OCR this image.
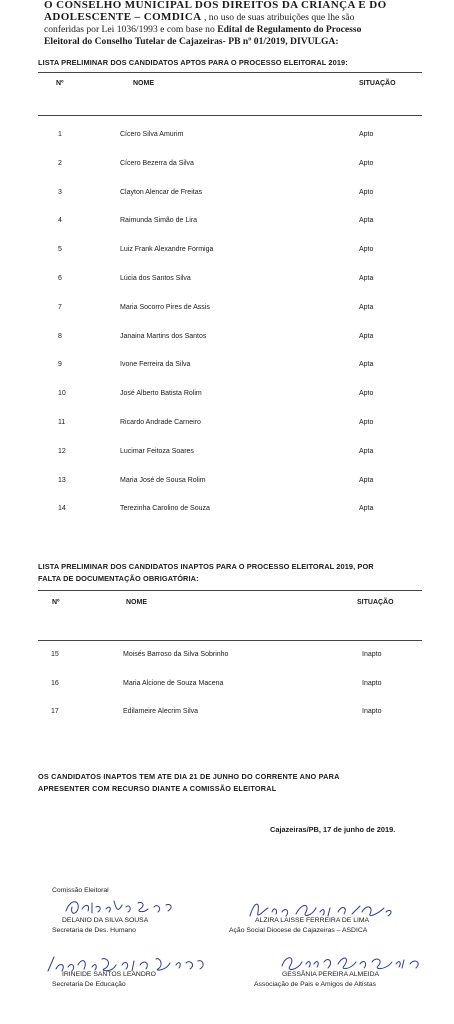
O CONSELHO MUNICIPAL DOS DIREITOS DA CRIANÇA E DO
ADOLESCENTE – COMDICA , no uso de suas atribuições que lhe são
conferidas por Lei 1036/1993 e com base no Edital de Regulamento do Processo
Eleitoral do Conselho Tutelar de Cajazeiras- PB nº 01/2019, DIVULGA:
LISTA PRELIMINAR DOS CANDIDATOS APTOS PARA O PROCESSO ELEITORAL 2019:
Nº	NOME	SITUAÇÃO
1	Cícero Silva Amurim	Apto
2	Cícero Bezerra da Silva	Apto
3	Clayton Alencar de Freitas	Apto
4	Raimunda Simão de Lira	Apta
5	Luiz Frank Alexandre Formiga	Apto
6	Lúcia dos Santos Silva	Apta
7	Maria Socorro Pires de Assis	Apta
8	Janaina Martins dos Santos	Apta
9	Ivone Ferreira da Silva	Apta
10	José Alberto Batista Rolim	Apto
11	Ricardo Andrade Carneiro	Apto
12	Lucimar Feitoza Soares	Apta
13	Maria José de Sousa Rolim	Apta
14	Terezinha Carolino de Souza	Apta
LISTA PRELIMINAR DOS CANDIDATOS INAPTOS PARA O PROCESSO ELEITORAL 2019, POR
FALTA DE DOCUMENTAÇÃO OBRIGATÓRIA:
Nº	NOME	SITUAÇÃO
15	Moisés Barroso da Silva Sobrinho	Inapto
16	Maria Alcione de Souza Macena	Inapto
17	Edilameire Alecrim Silva	Inapto
OS CANDIDATOS INAPTOS TEM ATE DIA 21 DE JUNHO DO CORRENTE ANO PARA
APRESENTER COM RECURSO DIANTE A COMISSÃO ELEITORAL
Cajazeiras/PB, 17 de junho de 2019.
Comissão Eleitoral
DELANIO DA SILVA SOUSA
Secretaria de Des. Humano
ALZIRA LAISSE FERREIRA DE LIMA
Ação Social Diocese de Cajazeiras – ASDICA
IRINEIDE SANTOS LEANDRO
Secretaria De Educação
GESSÂNIA PEREIRA ALMEIDA
Associação de Pais e Amigos de Altistas
